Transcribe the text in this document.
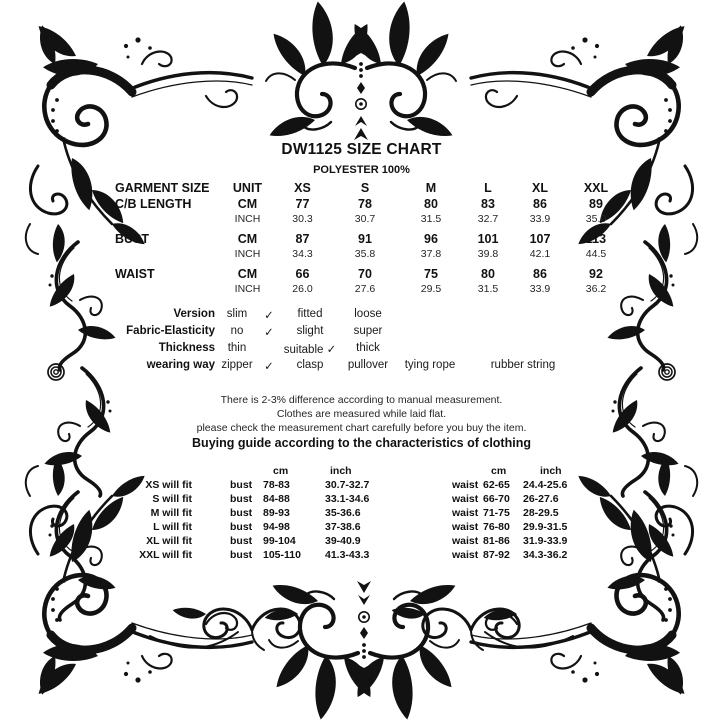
DW1125 SIZE CHART
POLYESTER 100%
GARMENT SIZE	UNIT	XS	S	M	L	XL	XXL
C/B LENGTH	CM	77	78	80	83	86	89
INCH	30.3	30.7	31.5	32.7	33.9	35.0
BUST	CM	87	91	96	101	107	113
INCH	34.3	35.8	37.8	39.8	42.1	44.5
WAIST	CM	66	70	75	80	86	92
INCH	26.0	27.6	29.5	31.5	33.9	36.2
Version	slim	✓	fitted	loose
Fabric-Elasticity	no	✓	slight	super
Thickness	thin	suitable ✓	thick
wearing way zipper	✓	clasp	pullover	tying rope	rubber string
There is 2-3% difference according to manual measurement.
Clothes are measured while laid flat.
please check the measurement chart carefully before you buy the item.
Buying guide according to the characteristics of clothing
cm	inch	cm	inch
XS will fit	bust	78-83	30.7-32.7	waist 62-65	24.4-25.6
S will fit	bust	84-88	33.1-34.6	waist 66-70	26-27.6
M will fit	bust	89-93	35-36.6	waist 71-75	28-29.5
L will fit	bust	94-98	37-38.6	waist 76-80	29.9-31.5
XL will fit	bust	99-104	39-40.9	waist 81-86	31.9-33.9
XXL will fit	bust	105-110	41.3-43.3	waist 87-92	34.3-36.2
